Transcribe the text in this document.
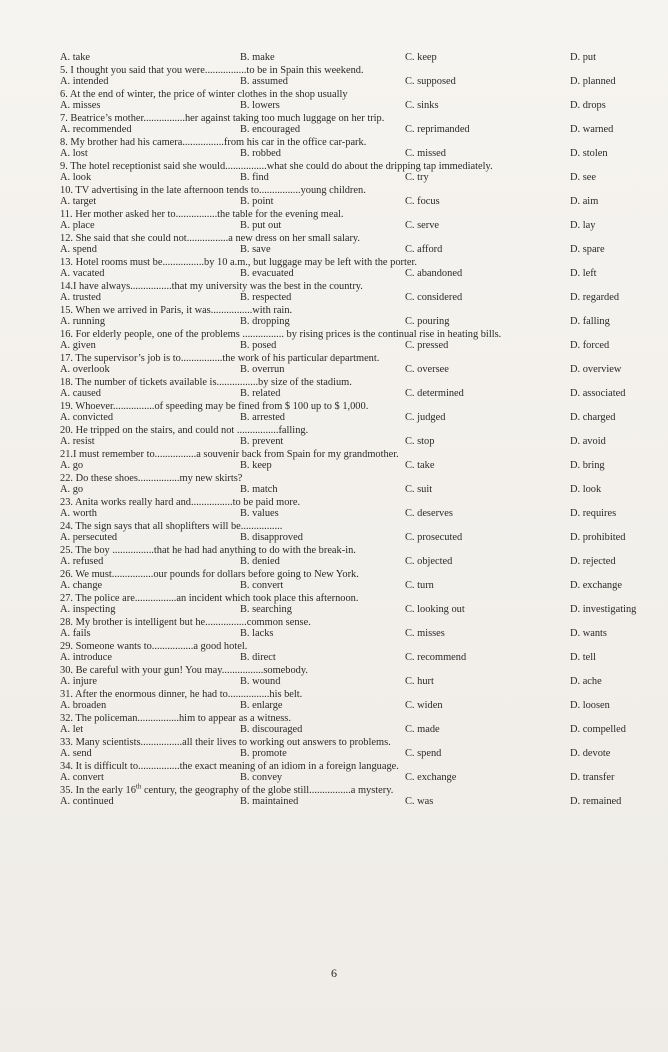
A. take	B. make	C. keep	D. put

5. I thought you said that you were................to be in Spain this weekend.

A. intended	B. assumed	C. supposed	D. planned

6. At the end of winter, the price of winter clothes in the shop usually

A. misses	B. lowers	C. sinks	D. drops

7. Beatrice’s mother................her against taking too much luggage on her trip.

A. recommended	B. encouraged	C. reprimanded	D. warned

8. My brother had his camera................from his car in the office car-park.

A. lost	B. robbed	C. missed	D. stolen

9. The hotel receptionist said she would................what she could do about the dripping tap immediately.

A. look	B. find	C. try	D. see

10. TV advertising in the late afternoon tends to................young children.

A. target	B. point	C. focus	D. aim

11. Her mother asked her to................the table for the evening meal.

A. place	B. put out	C. serve	D. lay

12. She said that she could not................a new dress on her small salary.

A. spend	B. save	C. afford	D. spare

13. Hotel rooms must be................by 10 a.m., but luggage may be left with the porter.

A. vacated	B. evacuated	C. abandoned	D. left

14.I have always................that my university was the best in the country.

A. trusted	B. respected	C. considered	D. regarded

15. When we arrived in Paris, it was................with rain.

A. running	B. dropping	C. pouring	D. falling

16. For elderly people, one of the problems ................ by rising prices is the continual rise in heating bills.

A. given	B. posed	C. pressed	D. forced

17. The supervisor’s job is to................the work of his particular department.

A. overlook	B. overrun	C. oversee	D. overview

18. The number of tickets available is................by size of the stadium.

A. caused	B. related	C. determined	D. associated

19. Whoever................of speeding may be fined from $ 100 up to $ 1,000.

A. convicted	B. arrested	C. judged	D. charged

20. He tripped on the stairs, and could not ................falling.

A. resist	B. prevent	C. stop	D. avoid

21.I must remember to................a souvenir back from Spain for my grandmother.

A. go	B. keep	C. take	D. bring

22. Do these shoes................my new skirts?

A. go	B. match	C. suit	D. look

23. Anita works really hard and................to be paid more.

A. worth	B. values	C. deserves	D. requires

24. The sign says that all shoplifters will be................

A. persecuted	B. disapproved	C. prosecuted	D. prohibited

25. The boy ................that he had had anything to do with the break-in.

A. refused	B. denied	C. objected	D. rejected

26. We must................our pounds for dollars before going to New York.

A. change	B. convert	C. turn	D. exchange

27. The police are................an incident which took place this afternoon.

A. inspecting	B. searching	C. looking out	D. investigating

28. My brother is intelligent but he................common sense.

A. fails	B. lacks	C. misses	D. wants

29. Someone wants to................a good hotel.

A. introduce	B. direct	C. recommend	D. tell

30. Be careful with your gun! You may................somebody.

A. injure	B. wound	C. hurt	D. ache

31. After the enormous dinner, he had to................his belt.

A. broaden	B. enlarge	C. widen	D. loosen

32. The policeman................him to appear as a witness.

A. let	B. discouraged	C. made	D. compelled

33. Many scientists................all their lives to working out answers to problems.

A. send	B. promote	C. spend	D. devote

34. It is difficult to................the exact meaning of an idiom in a foreign language.

A. convert	B. convey	C. exchange	D. transfer

35. In the early 16th century, the geography of the globe still................a mystery.

A. continued	B. maintained	C. was	D. remained
6
